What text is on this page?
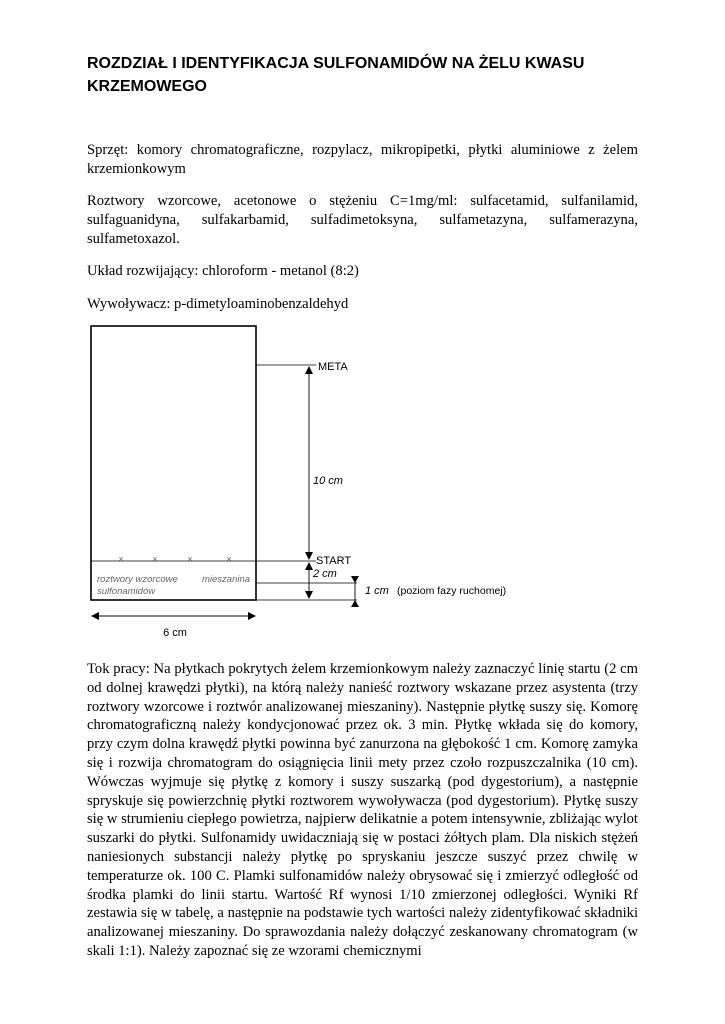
ROZDZIAŁ I IDENTYFIKACJA SULFONAMIDÓW NA ŻELU KWASU KRZEMOWEGO

Sprzęt: komory chromatograficzne, rozpylacz, mikropipetki, płytki aluminiowe z żelem krzemionkowym

Roztwory wzorcowe, acetonowe o stężeniu C=1mg/ml: sulfacetamid, sulfanilamid, sulfaguanidyna, sulfakarbamid, sulfadimetoksyna, sulfametazyna, sulfamerazyna, sulfametoxazol.

Układ rozwijający: chloroform - metanol (8:2)

Wywoływacz: p-dimetyloaminobenzaldehyd

META
START
2 cm
10 cm
1 cm (poziom fazy ruchomej)
×	×	×	×
roztwory wzorcowe
sulfonamidów
mieszanina
6 cm

Tok pracy: Na płytkach pokrytych żelem krzemionkowym należy zaznaczyć linię startu (2 cm od dolnej krawędzi płytki), na którą należy nanieść roztwory wskazane przez asystenta (trzy roztwory wzorcowe i roztwór analizowanej mieszaniny). Następnie płytkę suszy się. Komorę chromatograficzną należy kondycjonować przez ok. 3 min. Płytkę wkłada się do komory, przy czym dolna krawędź płytki powinna być zanurzona na głębokość 1 cm. Komorę zamyka się i rozwija chromatogram do osiągnięcia linii mety przez czoło rozpuszczalnika (10 cm). Wówczas wyjmuje się płytkę z komory i suszy suszarką (pod dygestorium), a następnie spryskuje się powierzchnię płytki roztworem wywoływacza (pod dygestorium). Płytkę suszy się w strumieniu ciepłego powietrza, najpierw delikatnie a potem intensywnie, zbliżając wylot suszarki do płytki. Sulfonamidy uwidaczniają się w postaci żółtych plam. Dla niskich stężeń naniesionych substancji należy płytkę po spryskaniu jeszcze suszyć przez chwilę w temperaturze ok. 100 C. Plamki sulfonamidów należy obrysować się i zmierzyć odległość od środka plamki do linii startu. Wartość Rf wynosi 1/10 zmierzonej odległości. Wyniki Rf zestawia się w tabelę, a następnie na podstawie tych wartości należy zidentyfikować składniki analizowanej mieszaniny. Do sprawozdania należy dołączyć zeskanowany chromatogram (w skali 1:1). Należy zapoznać się ze wzorami chemicznymi
